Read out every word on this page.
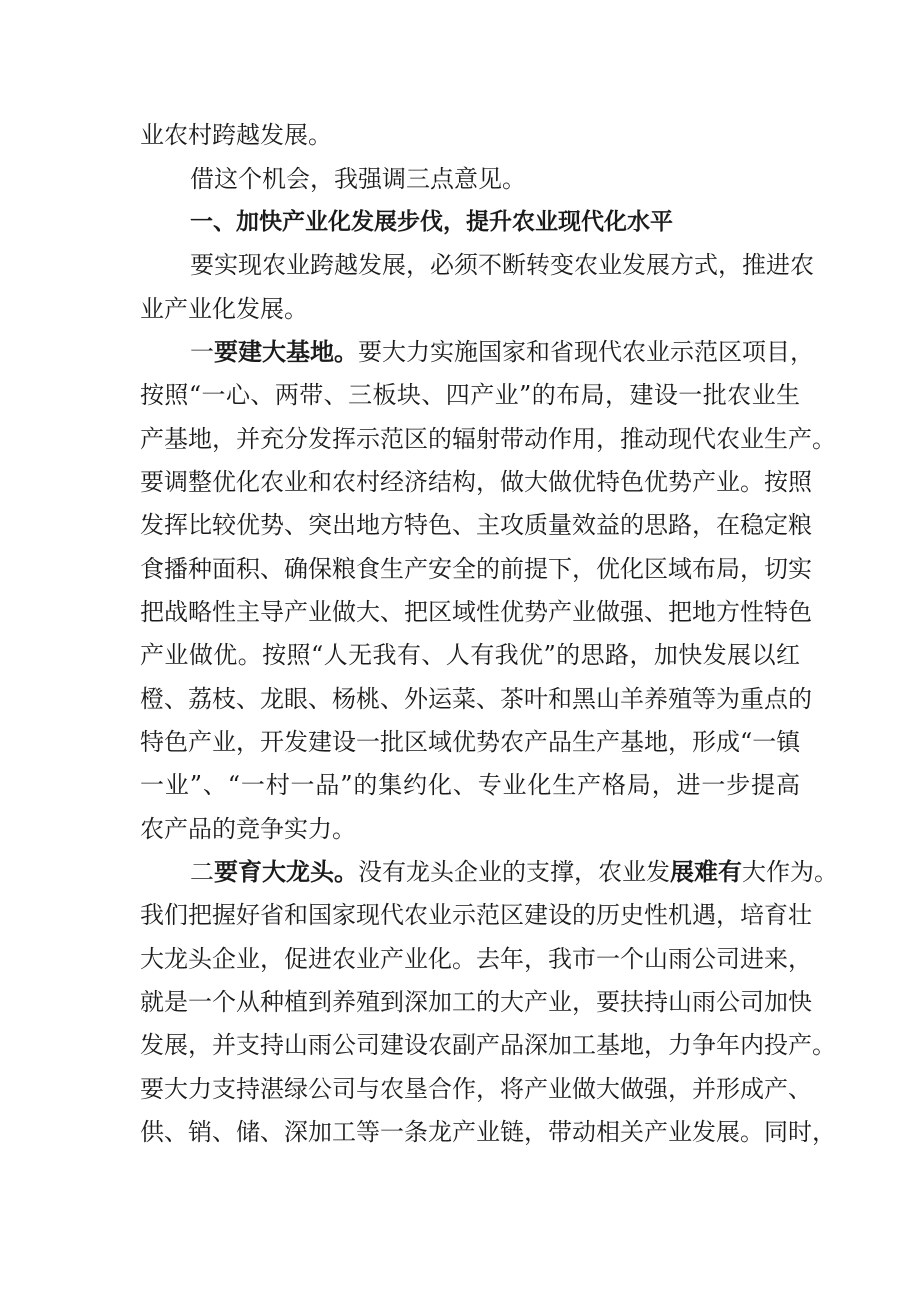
业农村跨越发展。
借这个机会，我强调三点意见。
一、加快产业化发展步伐，提升农业现代化水平
要实现农业跨越发展，必须不断转变农业发展方式，推进农
业产业化发展。
一要建大基地。要大力实施国家和省现代农业示范区项目，
按照“一心、两带、三板块、四产业”的布局，建设一批农业生
产基地，并充分发挥示范区的辐射带动作用，推动现代农业生产。
要调整优化农业和农村经济结构，做大做优特色优势产业。按照
发挥比较优势、突出地方特色、主攻质量效益的思路，在稳定粮
食播种面积、确保粮食生产安全的前提下，优化区域布局，切实
把战略性主导产业做大、把区域性优势产业做强、把地方性特色
产业做优。按照“人无我有、人有我优”的思路，加快发展以红
橙、荔枝、龙眼、杨桃、外运菜、茶叶和黑山羊养殖等为重点的
特色产业，开发建设一批区域优势农产品生产基地，形成“一镇
一业”、“一村一品”的集约化、专业化生产格局，进一步提高
农产品的竞争实力。
二要育大龙头。没有龙头企业的支撑，农业发展难有大作为。
我们把握好省和国家现代农业示范区建设的历史性机遇，培育壮
大龙头企业，促进农业产业化。去年，我市一个山雨公司进来，
就是一个从种植到养殖到深加工的大产业，要扶持山雨公司加快
发展，并支持山雨公司建设农副产品深加工基地，力争年内投产。
要大力支持湛绿公司与农垦合作，将产业做大做强，并形成产、
供、销、储、深加工等一条龙产业链，带动相关产业发展。同时，
